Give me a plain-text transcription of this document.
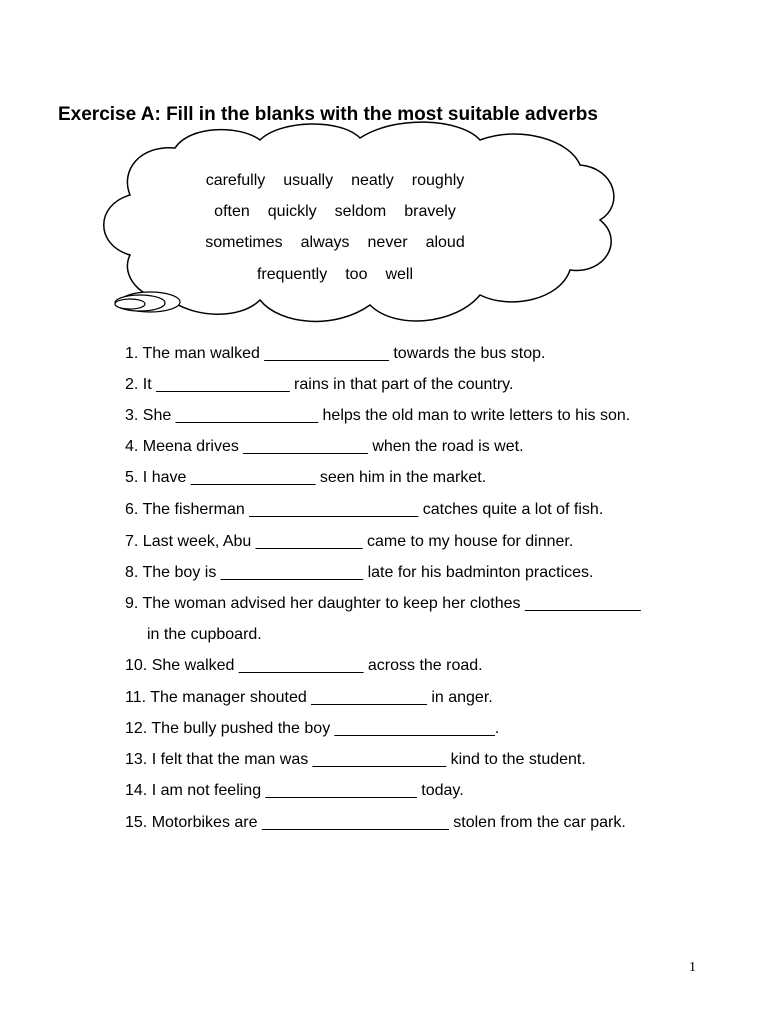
Exercise A: Fill in the blanks with the most suitable adverbs
carefully usually neatly roughly
often quickly seldom bravely
sometimes always never aloud
frequently too well
1. The man walked ______________ towards the bus stop.
2. It _______________ rains in that part of the country.
3. She ________________ helps the old man to write letters to his son.
4. Meena drives ______________ when the road is wet.
5. I have ______________ seen him in the market.
6. The fisherman ___________________ catches quite a lot of fish.
7. Last week, Abu ____________ came to my house for dinner.
8. The boy is ________________ late for his badminton practices.
9. The woman advised her daughter to keep her clothes _____________
in the cupboard.
10. She walked ______________ across the road.
11. The manager shouted _____________ in anger.
12. The bully pushed the boy __________________.
13. I felt that the man was _______________ kind to the student.
14. I am not feeling _________________ today.
15. Motorbikes are _____________________ stolen from the car park.
1
